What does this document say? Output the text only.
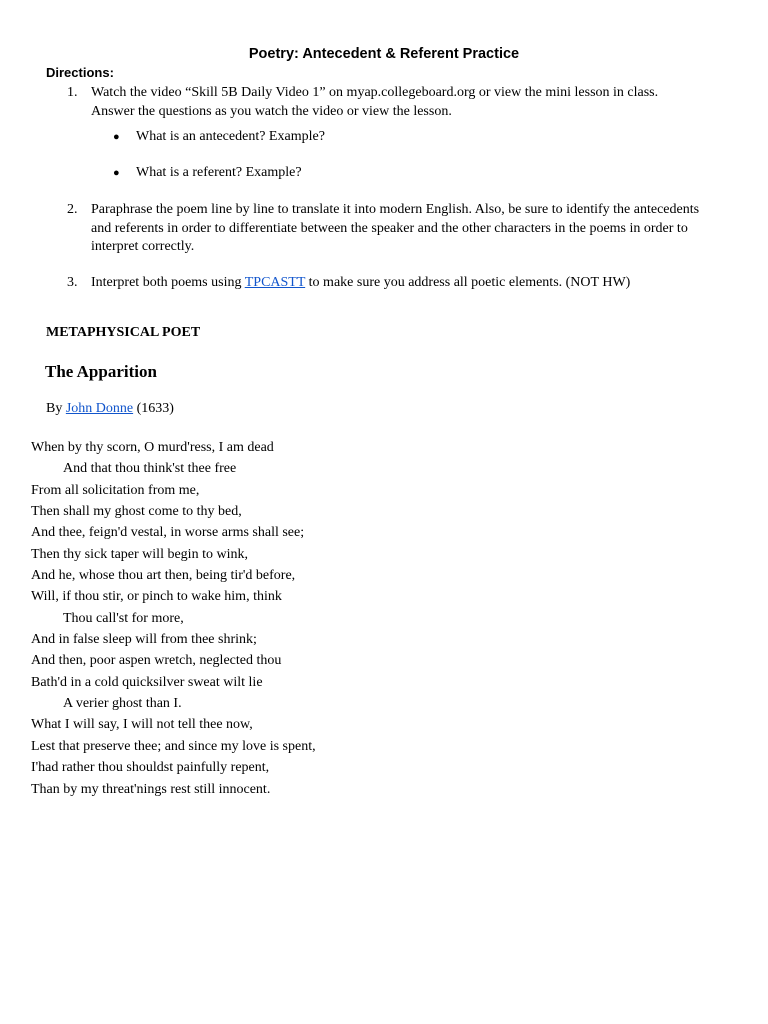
Poetry: Antecedent & Referent Practice
Directions:
1. Watch the video “Skill 5B Daily Video 1” on myap.collegeboard.org or view the mini lesson in class.
Answer the questions as you watch the video or view the lesson.
● What is an antecedent? Example?
● What is a referent? Example?
2. Paraphrase the poem line by line to translate it into modern English. Also, be sure to identify the antecedents and referents in order to differentiate between the speaker and the other characters in the poems in order to interpret correctly.
3. Interpret both poems using TPCASTT to make sure you address all poetic elements. (NOT HW)
METAPHYSICAL POET
The Apparition
By John Donne (1633)
When by thy scorn, O murd'ress, I am dead
And that thou think'st thee free
From all solicitation from me,
Then shall my ghost come to thy bed,
And thee, feign'd vestal, in worse arms shall see;
Then thy sick taper will begin to wink,
And he, whose thou art then, being tir'd before,
Will, if thou stir, or pinch to wake him, think
Thou call'st for more,
And in false sleep will from thee shrink;
And then, poor aspen wretch, neglected thou
Bath'd in a cold quicksilver sweat wilt lie
A verier ghost than I.
What I will say, I will not tell thee now,
Lest that preserve thee; and since my love is spent,
I'had rather thou shouldst painfully repent,
Than by my threat'nings rest still innocent.
